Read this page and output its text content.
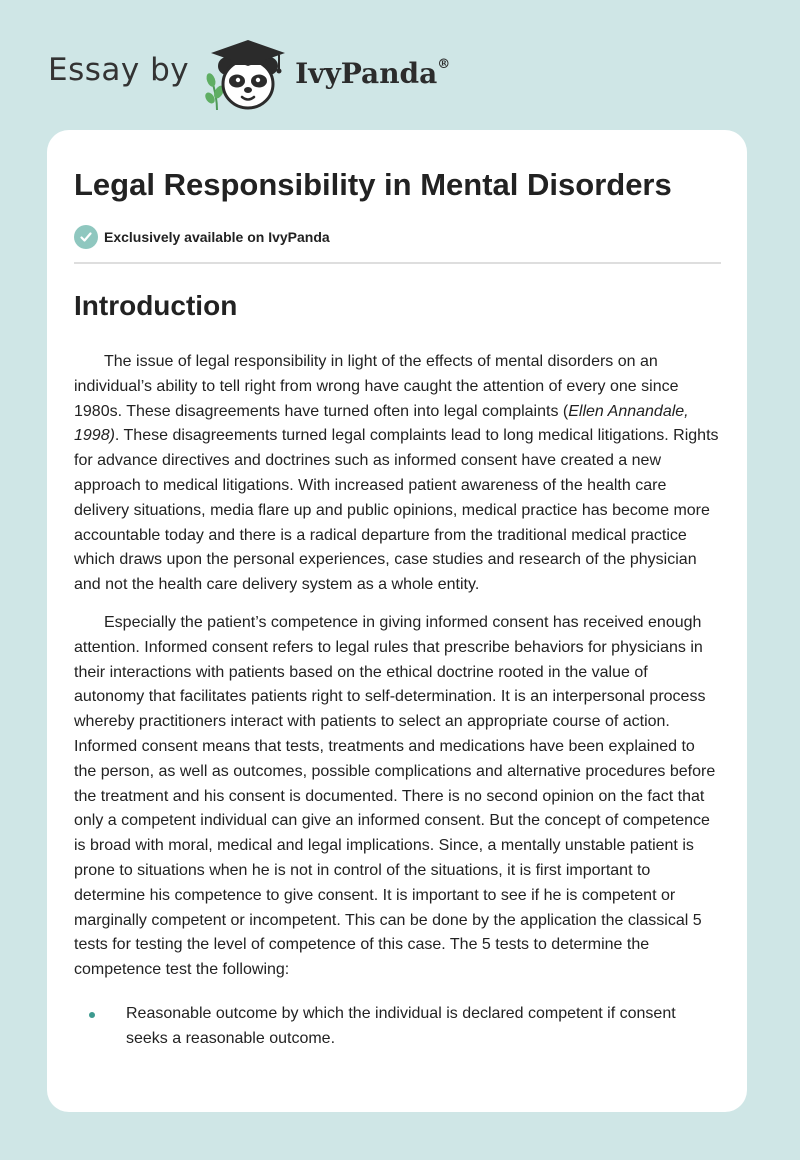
Essay by	IvyPanda®
Legal Responsibility in Mental Disorders
Exclusively available on IvyPanda
Introduction

The issue of legal responsibility in light of the effects of mental disorders on an individual’s ability to tell right from wrong have caught the attention of every one since 1980s. These disagreements have turned often into legal complaints (Ellen Annandale, 1998). These disagreements turned legal complaints lead to long medical litigations. Rights for advance directives and doctrines such as informed consent have created a new approach to medical litigations. With increased patient awareness of the health care delivery situations, media flare up and public opinions, medical practice has become more accountable today and there is a radical departure from the traditional medical practice which draws upon the personal experiences, case studies and research of the physician and not the health care delivery system as a whole entity.

Especially the patient’s competence in giving informed consent has received enough attention. Informed consent refers to legal rules that prescribe behaviors for physicians in their interactions with patients based on the ethical doctrine rooted in the value of autonomy that facilitates patients right to self-determination. It is an interpersonal process whereby practitioners interact with patients to select an appropriate course of action. Informed consent means that tests, treatments and medications have been explained to the person, as well as outcomes, possible complications and alternative procedures before the treatment and his consent is documented. There is no second opinion on the fact that only a competent individual can give an informed consent. But the concept of competence is broad with moral, medical and legal implications. Since, a mentally unstable patient is prone to situations when he is not in control of the situations, it is first important to determine his competence to give consent. It is important to see if he is competent or marginally competent or incompetent. This can be done by the application the classical 5 tests for testing the level of competence of this case. The 5 tests to determine the competence test the following:

Reasonable outcome by which the individual is declared competent if consent seeks a reasonable outcome.
